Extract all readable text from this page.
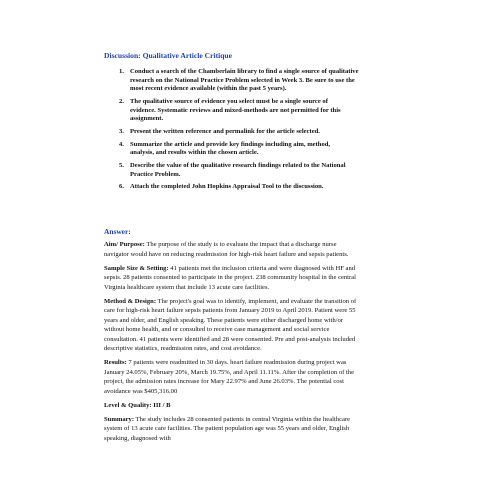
Discussion: Qualitative Article Critique
1. Conduct a search of the Chamberlain library to find a single source of qualitative
research on the National Practice Problem selected in Week 3. Be sure to use the
most recent evidence available (within the past 5 years).
2. The qualitative source of evidence you select must be a single source of
evidence. Systematic reviews and mixed-methods are not permitted for this
assignment.
3. Present the written reference and permalink for the article selected.
4. Summarize the article and provide key findings including aim, method,
analysis, and results within the chosen article.
5. Describe the value of the qualitative research findings related to the National
Practice Problem.
6. Attach the completed John Hopkins Appraisal Tool to the discussion.
Answer:
Aim/ Purpose: The purpose of the study is to evaluate the impact that a discharge nurse
navigator would have on reducing readmission for high-risk heart failure and sepsis patients.
Sample Size & Setting: 41 patients met the inclusion criteria and were diagnosed with HF and
sepsis. 28 patients consented to participate in the project. 238 community hospital in the central
Virginia healthcare system that include 13 acute care facilities.
Method & Design: The project's goal was to identify, implement, and evaluate the transition of
care for high-risk heart failure sepsis patients from January 2019 to April 2019. Patient were 55
years and older, and English speaking. These patients were either discharged home with/or
without home health, and or consulted to receive case management and social service
consultation. 41 patients were identified and 28 were consented. Pre and post-analysis included
descriptive statistics, readmission rates, and cost avoidance.
Results: 7 patients were readmitted in 30 days. heart failure readmission during project was
January 24.05%, February 20%, March 19.75%, and April 11.11%. After the completion of the
project, the admission rates increase for Mary 22.97% and June 26.03%. The potential cost
avoidance was $405,316.00
Level & Quality: III / B
Summary: The study includes 28 consented patients in central Virginia within the healthcare
system of 13 acute care facilities. The patient population age was 55 years and older, English
speaking, diagnosed with
